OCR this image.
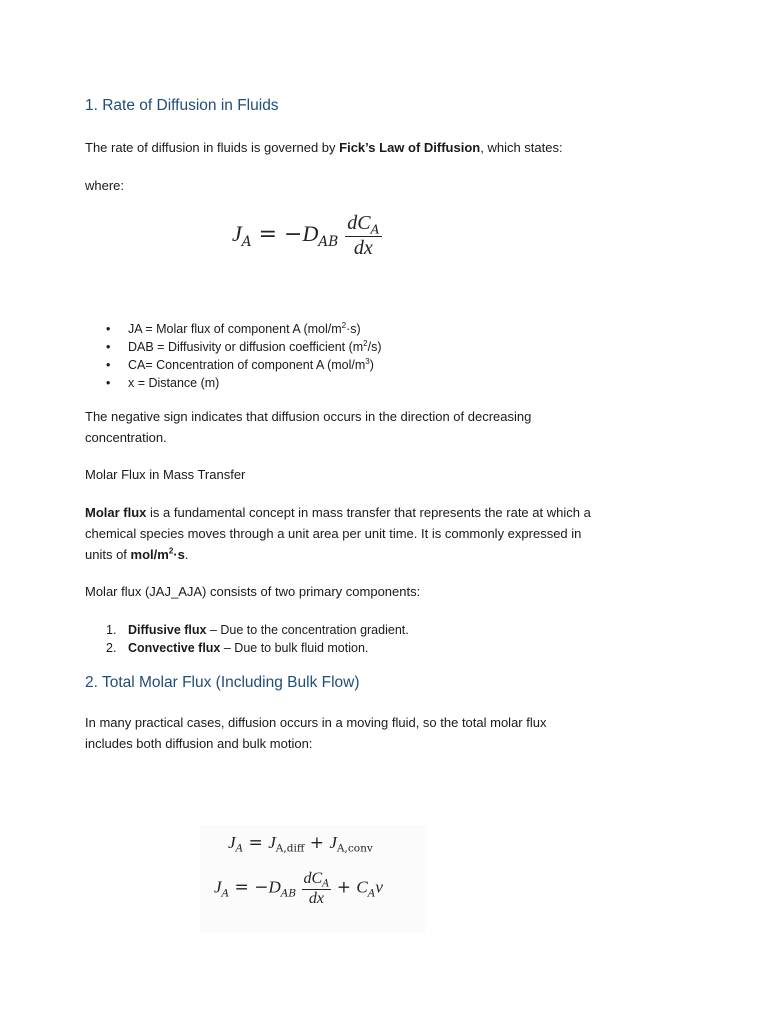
1. Rate of Diffusion in Fluids
The rate of diffusion in fluids is governed by Fick’s Law of Diffusion, which states:
where:
$J_A = -D_{AB} \frac{dC_A}{dx}$
• JA = Molar flux of component A $(mol/m^2\cdot s)$
• DAB = Diffusivity or diffusion coefficient $(m^2/s)$
• CA= Concentration of component A $(mol/m^3)$
• x = Distance (m)
The negative sign indicates that diffusion occurs in the direction of decreasing
concentration.
Molar Flux in Mass Transfer
Molar flux is a fundamental concept in mass transfer that represents the rate at which a
chemical species moves through a unit area per unit time. It is commonly expressed in
units of mol/$m^2\cdot s$.
Molar flux (JAJ_AJA) consists of two primary components:
1. Diffusive flux – Due to the concentration gradient.
2. Convective flux – Due to bulk fluid motion.
2. Total Molar Flux (Including Bulk Flow)
In many practical cases, diffusion occurs in a moving fluid, so the total molar flux
includes both diffusion and bulk motion:
$J_A = J_{A,diff} + J_{A,conv}$
$J_A = -D_{AB} \frac{dC_A}{dx} + C_Av$
